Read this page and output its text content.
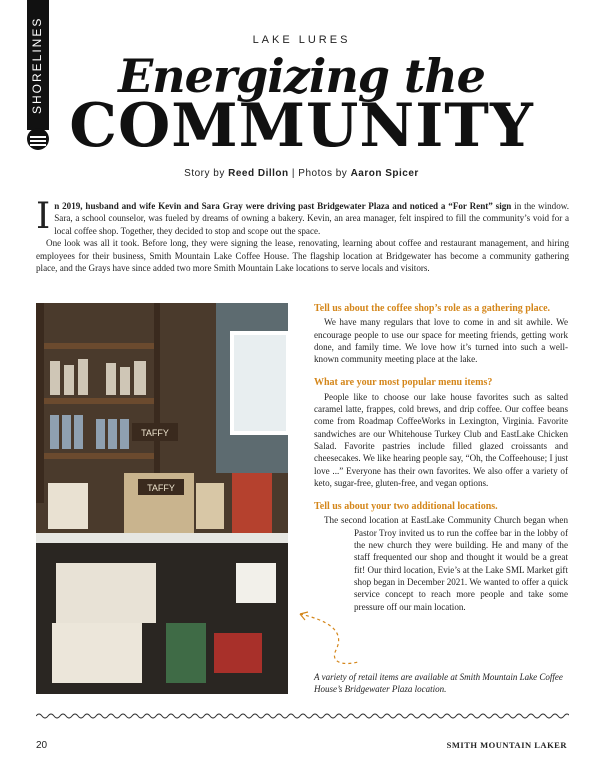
SHORELINES	LAKE LURES
Energizing the
COMMUNITY
Story by Reed Dillon | Photos by Aaron Spicer

In 2019, husband and wife Kevin and Sara Gray were driving past Bridgewater Plaza and noticed a “For Rent” sign in the window. Sara, a school counselor, was fueled by dreams of owning a bakery. Kevin, an area manager, felt inspired to fill the community’s void for a local coffee shop. Together, they decided to stop and scope out the space.

One look was all it took. Before long, they were signing the lease, renovating, learning about coffee and restaurant management, and hiring employees for their business, Smith Mountain Lake Coffee House. The flagship location at Bridgewater has become a community gathering place, and the Grays have since added two more Smith Mountain Lake locations to serve locals and visitors.

TAFFY
TAFFY
Tell us about the coffee shop’s role as a gathering place.

We have many regulars that love to come in and sit awhile. We encourage people to use our space for meeting friends, getting work done, and family time. We love how it’s turned into such a well-known community meeting place at the lake.

What are your most popular menu items?

People like to choose our lake house favorites such as salted caramel latte, frappes, cold brews, and drip coffee. Our coffee beans come from Roadmap CoffeeWorks in Lexington, Virginia. Favorite sandwiches are our Whitehouse Turkey Club and EastLake Chicken Salad. Favorite pastries include filled glazed croissants and cheesecakes. We like hearing people say, “Oh, the Coffeehouse; I just love ...” Everyone has their own favorites. We also offer a variety of keto, sugar-free, gluten-free, and vegan options.

Tell us about your two additional locations.

The second location at EastLake Community Church began when Pastor Troy invited us to run the coffee bar in the lobby of the new church they were building. He and many of the staff frequented our shop and thought it would be a great fit! Our third location, Evie’s at the Lake SML Market gift shop began in December 2021. We wanted to offer a quick service concept to reach more people and take some pressure off our main location.

A variety of retail items are available at Smith Mountain Lake Coffee House’s Bridgewater Plaza location.
20	SMITH MOUNTAIN LAKER
